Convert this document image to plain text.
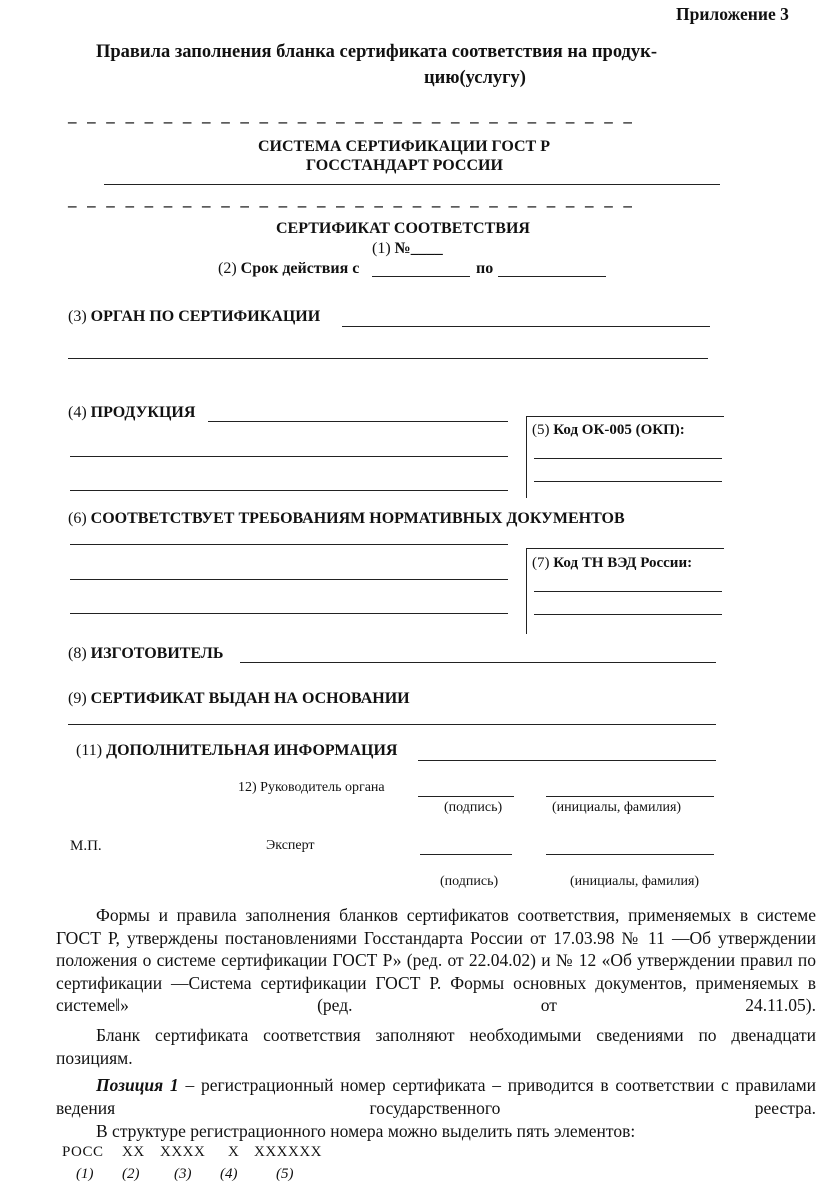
Приложение 3
Правила заполнения бланка сертификата соответствия на продук-
цию(услугу)
– – – – – – – – – – – – – – – – – – – – – – – – – – – – – –
СИСТЕМА СЕРТИФИКАЦИИ ГОСТ Р
ГОССТАНДАРТ РОССИИ
– – – – – – – – – – – – – – – – – – – – – – – – – – – – – –
СЕРТИФИКАТ СООТВЕТСТВИЯ
(1) №____
(2) Срок действия с	по
(3) ОРГАН ПО СЕРТИФИКАЦИИ
(4) ПРОДУКЦИЯ
(5) Код ОК-005 (ОКП):
(6) СООТВЕТСТВУЕТ ТРЕБОВАНИЯМ НОРМАТИВНЫХ ДОКУМЕНТОВ
(7) Код ТН ВЭД России:
(8) ИЗГОТОВИТЕЛЬ
(9) СЕРТИФИКАТ ВЫДАН НА ОСНОВАНИИ
(11) ДОПОЛНИТЕЛЬНАЯ ИНФОРМАЦИЯ
12) Руководитель органа
(подпись)	(инициалы, фамилия)
М.П.	Эксперт
(подпись)	(инициалы, фамилия)
Формы и правила заполнения бланков сертификатов соответствия, применяемых в системе ГОСТ Р, утверждены постановлениями Госстандарта России от 17.03.98 № 11 ―Об утверждении положения о системе сертификации ГОСТ Р» (ред. от 22.04.02) и № 12 «Об утверждении правил по сертификации ―Система сертификации ГОСТ Р. Формы основных документов, применяемых в системе‖» (ред. от 24.11.05).
Бланк сертификата соответствия заполняют необходимыми сведениями по двенадцати позициям.
Позиция 1 – регистрационный номер сертификата – приводится в соответствии с правилами ведения государственного реестра.
В структуре регистрационного номера можно выделить пять элементов:
РОСС XX XXXX X XXXXXX
(1) (2) (3) (4)	(5)
